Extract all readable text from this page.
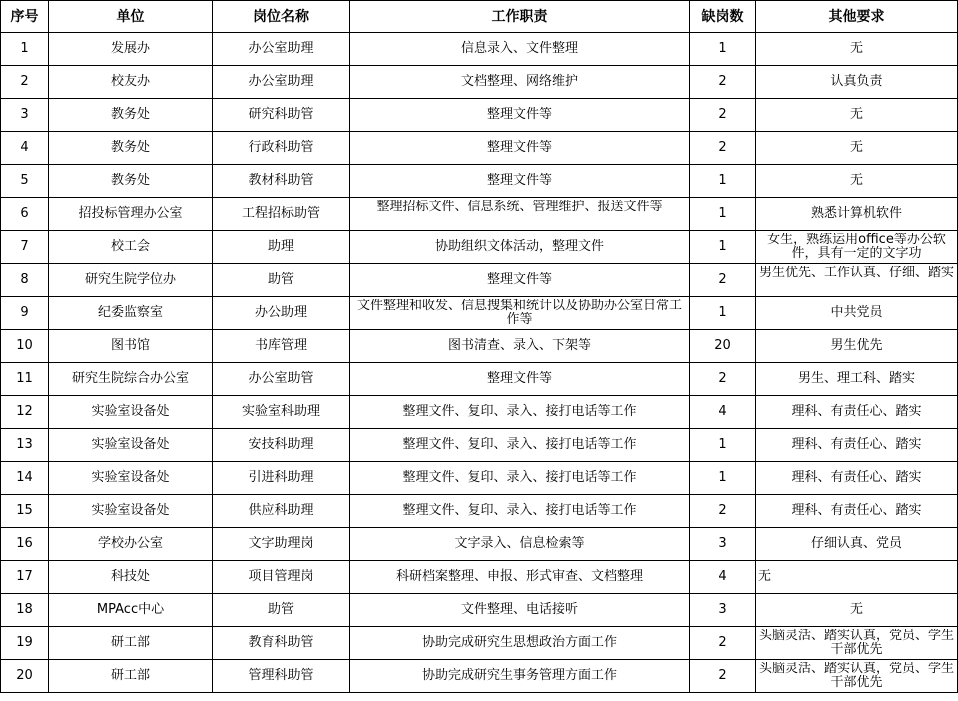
序号	单位	岗位名称	工作职责	缺岗数	其他要求
1	发展办	办公室助理	信息录入、文件整理	1	无
2	校友办	办公室助理	文档整理、网络维护	2	认真负责
3	教务处	研究科助管	整理文件等	2	无
4	教务处	行政科助管	整理文件等	2	无
5	教务处	教材科助管	整理文件等	1	无
6	招投标管理办公室	工程招标助管	整理招标文件、信息系统、管理维护、报送文件等	1	熟悉计算机软件
7	校工会	助理	协助组织文体活动，整理文件	1	女生，熟练运用office等办公软件，具有一定的文字功

8	研究生院学位办	助管	整理文件等	2	男生优先、工作认真、仔细、踏实

9	纪委监察室	办公助理	文件整理和收发、信息搜集和统计以及协助办公室日常工作等	1	中共党员
10	图书馆	书库管理	图书清查、录入、下架等	20	男生优先
11	研究生院综合办公室	办公室助管	整理文件等	2	男生、理工科、踏实
12	实验室设备处	实验室科助理	整理文件、复印、录入、接打电话等工作	4	理科、有责任心、踏实
13	实验室设备处	安技科助理	整理文件、复印、录入、接打电话等工作	1	理科、有责任心、踏实
14	实验室设备处	引进科助理	整理文件、复印、录入、接打电话等工作	1	理科、有责任心、踏实
15	实验室设备处	供应科助理	整理文件、复印、录入、接打电话等工作	2	理科、有责任心、踏实
16	学校办公室	文字助理岗	文字录入、信息检索等	3	仔细认真、党员
17	科技处	项目管理岗	科研档案整理、申报、形式审查、文档整理	4	无
18	MPAcc中心	助管	文件整理、电话接听	3	无
19	研工部	教育科助管	协助完成研究生思想政治方面工作	2	头脑灵活、踏实认真，党员、学生干部优先

20	研工部	管理科助管	协助完成研究生事务管理方面工作	2	头脑灵活、踏实认真，党员、学生干部优先
